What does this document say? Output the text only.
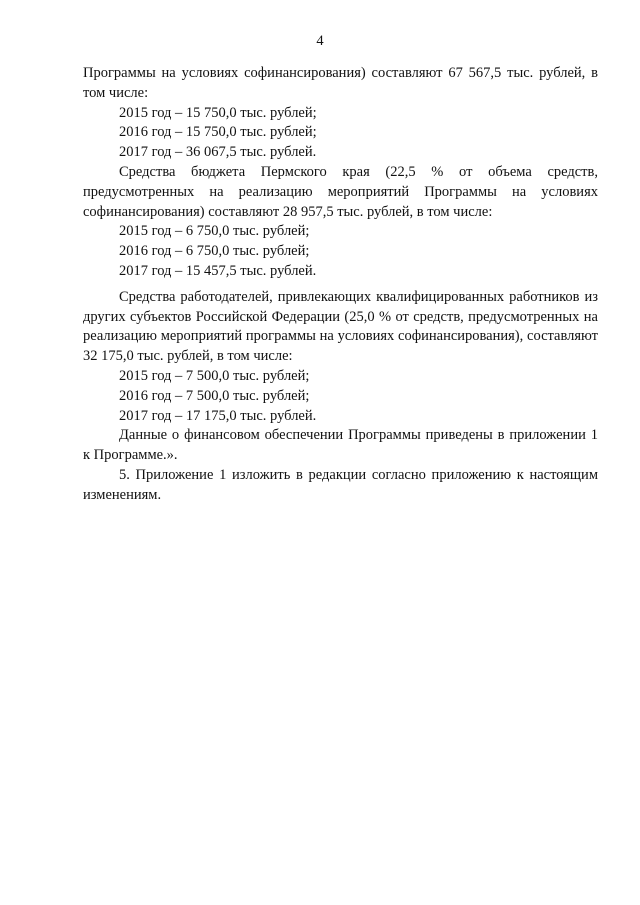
4

Программы на условиях софинансирования) составляют 67 567,5 тыс. рублей, в том числе:

2015 год – 15 750,0 тыс. рублей;

2016 год – 15 750,0 тыс. рублей;

2017 год – 36 067,5 тыс. рублей.

Средства бюджета Пермского края (22,5 % от объема средств, предусмотренных на реализацию мероприятий Программы на условиях софинансирования) составляют 28 957,5 тыс. рублей, в том числе:

2015 год – 6 750,0 тыс. рублей;

2016 год – 6 750,0 тыс. рублей;

2017 год – 15 457,5 тыс. рублей.

Средства работодателей, привлекающих квалифицированных работников из других субъектов Российской Федерации (25,0 % от средств, предусмотренных на реализацию мероприятий программы на условиях софинансирования), составляют 32 175,0 тыс. рублей, в том числе:

2015 год – 7 500,0 тыс. рублей;

2016 год – 7 500,0 тыс. рублей;

2017 год – 17 175,0 тыс. рублей.

Данные о финансовом обеспечении Программы приведены в приложении 1 к Программе.».

5. Приложение 1 изложить в редакции согласно приложению к настоящим изменениям.
